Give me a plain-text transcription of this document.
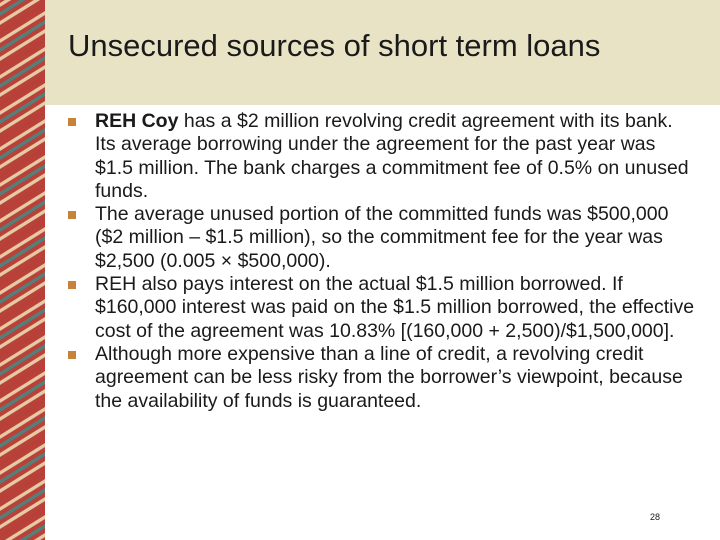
Unsecured sources of short term loans
REH Coy has a $2 million revolving credit agreement with its bank. Its average borrowing under the agreement for the past year was $1.5 million. The bank charges a commitment fee of 0.5% on unused funds.
The average unused portion of the committed funds was $500,000 ($2 million – $1.5 million), so the commitment fee for the year was $2,500 (0.005 × $500,000).
REH also pays interest on the actual $1.5 million borrowed. If $160,000 interest was paid on the $1.5 million borrowed, the effective cost of the agreement was 10.83% [(160,000 + 2,500)/$1,500,000].
Although more expensive than a line of credit, a revolving credit agreement can be less risky from the borrower’s viewpoint, because the availability of funds is guaranteed.
28
